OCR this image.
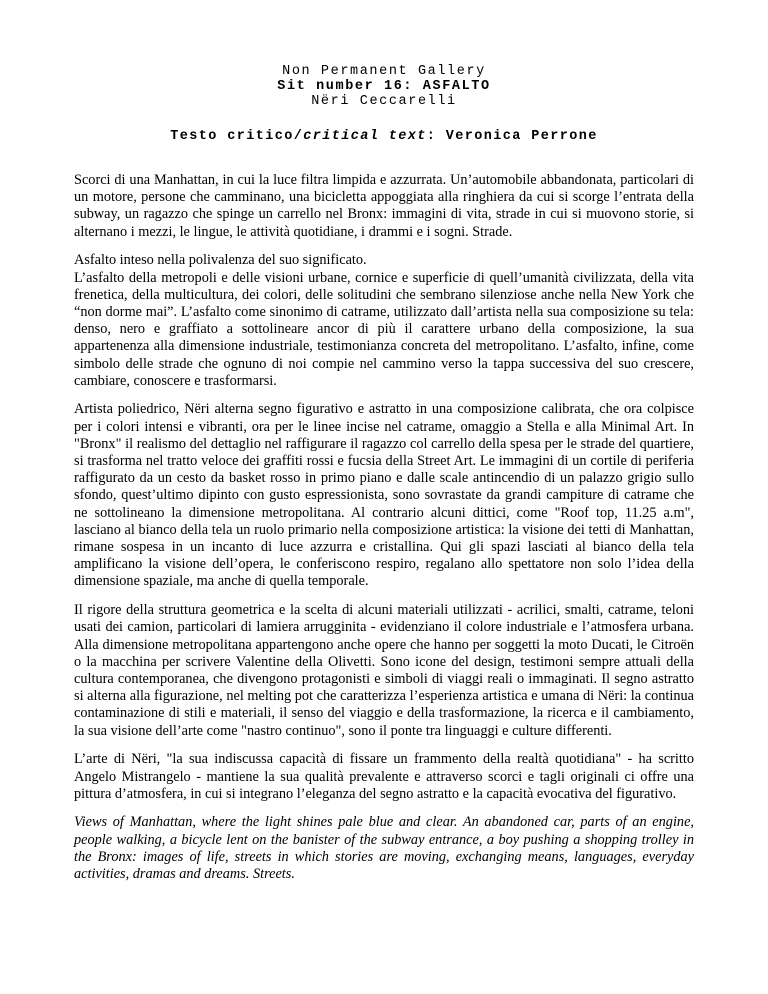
Non Permanent Gallery
Sit number 16: ASFALTO
Nëri Ceccarelli
Testo critico/critical text: Veronica Perrone

Scorci di una Manhattan, in cui la luce filtra limpida e azzurrata. Un’automobile abbandonata, particolari di un motore, persone che camminano, una bicicletta appoggiata alla ringhiera da cui si scorge l’entrata della subway, un ragazzo che spinge un carrello nel Bronx: immagini di vita, strade in cui si muovono storie, si alternano i mezzi, le lingue, le attività quotidiane, i drammi e i sogni. Strade.

Asfalto inteso nella polivalenza del suo significato.

L’asfalto della metropoli e delle visioni urbane, cornice e superficie di quell’umanità civilizzata, della vita frenetica, della multicultura, dei colori, delle solitudini che sembrano silenziose anche nella New York che “non dorme mai”. L’asfalto come sinonimo di catrame, utilizzato dall’artista nella sua composizione su tela: denso, nero e graffiato a sottolineare ancor di più il carattere urbano della composizione, la sua appartenenza alla dimensione industriale, testimonianza concreta del metropolitano. L’asfalto, infine, come simbolo delle strade che ognuno di noi compie nel cammino verso la tappa successiva del suo crescere, cambiare, conoscere e trasformarsi.

Artista poliedrico, Nëri alterna segno figurativo e astratto in una composizione calibrata, che ora colpisce per i colori intensi e vibranti, ora per le linee incise nel catrame, omaggio a Stella e alla Minimal Art. In "Bronx" il realismo del dettaglio nel raffigurare il ragazzo col carrello della spesa per le strade del quartiere, si trasforma nel tratto veloce dei graffiti rossi e fucsia della Street Art. Le immagini di un cortile di periferia raffigurato da un cesto da basket rosso in primo piano e dalle scale antincendio di un palazzo grigio sullo sfondo, quest’ultimo dipinto con gusto espressionista, sono sovrastate da grandi campiture di catrame che ne sottolineano la dimensione metropolitana. Al contrario alcuni dittici, come "Roof top, 11.25 a.m", lasciano al bianco della tela un ruolo primario nella composizione artistica: la visione dei tetti di Manhattan, rimane sospesa in un incanto di luce azzurra e cristallina. Qui gli spazi lasciati al bianco della tela amplificano la visione dell’opera, le conferiscono respiro, regalano allo spettatore non solo l’idea della dimensione spaziale, ma anche di quella temporale.

Il rigore della struttura geometrica e la scelta di alcuni materiali utilizzati - acrilici, smalti, catrame, teloni usati dei camion, particolari di lamiera arrugginita - evidenziano il colore industriale e l’atmosfera urbana. Alla dimensione metropolitana appartengono anche opere che hanno per soggetti la moto Ducati, le Citroën o la macchina per scrivere Valentine della Olivetti. Sono icone del design, testimoni sempre attuali della cultura contemporanea, che divengono protagonisti e simboli di viaggi reali o immaginati. Il segno astratto si alterna alla figurazione, nel melting pot che caratterizza l’esperienza artistica e umana di Nëri: la continua contaminazione di stili e materiali, il senso del viaggio e della trasformazione, la ricerca e il cambiamento, la sua visione dell’arte come "nastro continuo", sono il ponte tra linguaggi e culture differenti.

L’arte di Nëri, "la sua indiscussa capacità di fissare un frammento della realtà quotidiana" - ha scritto Angelo Mistrangelo - mantiene la sua qualità prevalente e attraverso scorci e tagli originali ci offre una pittura d’atmosfera, in cui si integrano l’eleganza del segno astratto e la capacità evocativa del figurativo.

Views of Manhattan, where the light shines pale blue and clear. An abandoned car, parts of an engine, people walking, a bicycle lent on the banister of the subway entrance, a boy pushing a shopping trolley in the Bronx: images of life, streets in which stories are moving, exchanging means, languages, everyday activities, dramas and dreams. Streets.
